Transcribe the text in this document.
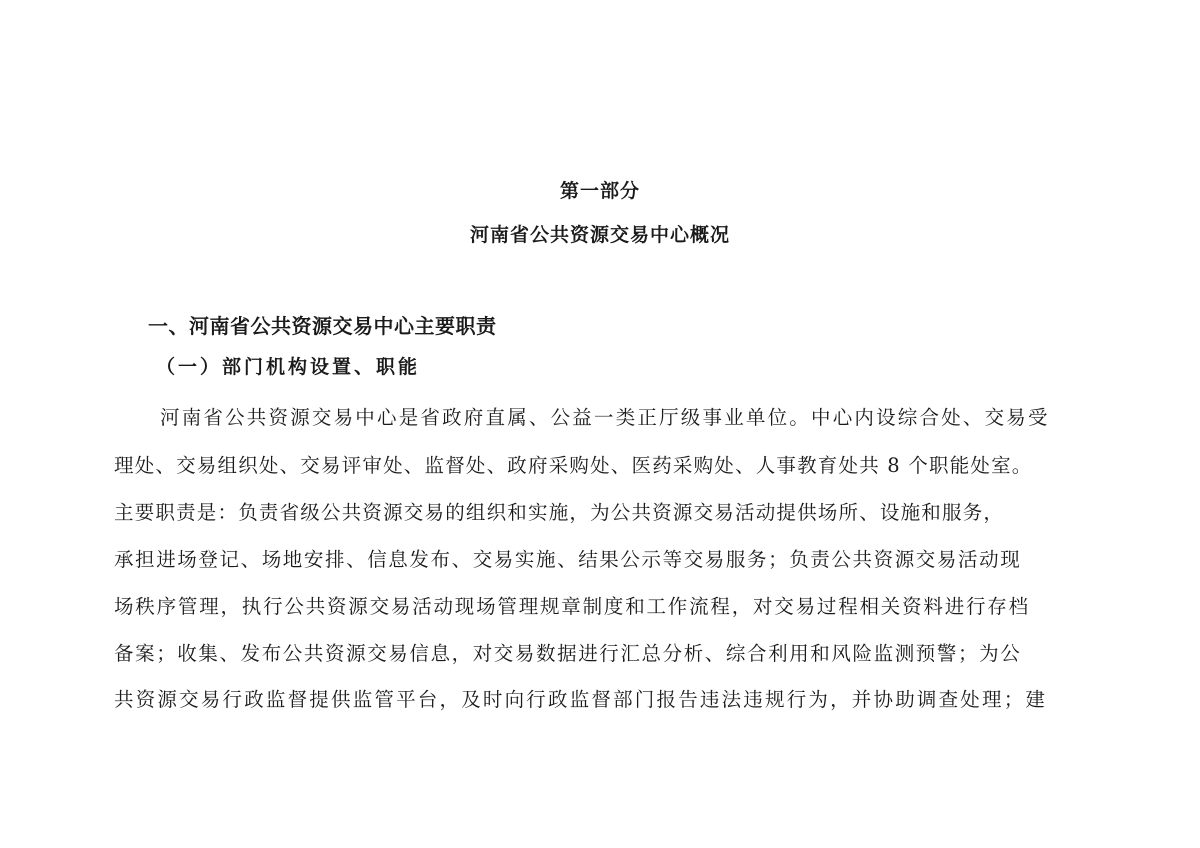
第一部分
河南省公共资源交易中心概况
一、河南省公共资源交易中心主要职责
（一）部门机构设置、职能

河南省公共资源交易中心是省政府直属、公益一类正厅级事业单位。中心内设综合处、交易受

理处、交易组织处、交易评审处、监督处、政府采购处、医药采购处、人事教育处共 8 个职能处室。

主要职责是：负责省级公共资源交易的组织和实施，为公共资源交易活动提供场所、设施和服务，

承担进场登记、场地安排、信息发布、交易实施、结果公示等交易服务；负责公共资源交易活动现

场秩序管理，执行公共资源交易活动现场管理规章制度和工作流程，对交易过程相关资料进行存档

备案；收集、发布公共资源交易信息，对交易数据进行汇总分析、综合利用和风险监测预警；为公

共资源交易行政监督提供监管平台，及时向行政监督部门报告违法违规行为，并协助调查处理；建
